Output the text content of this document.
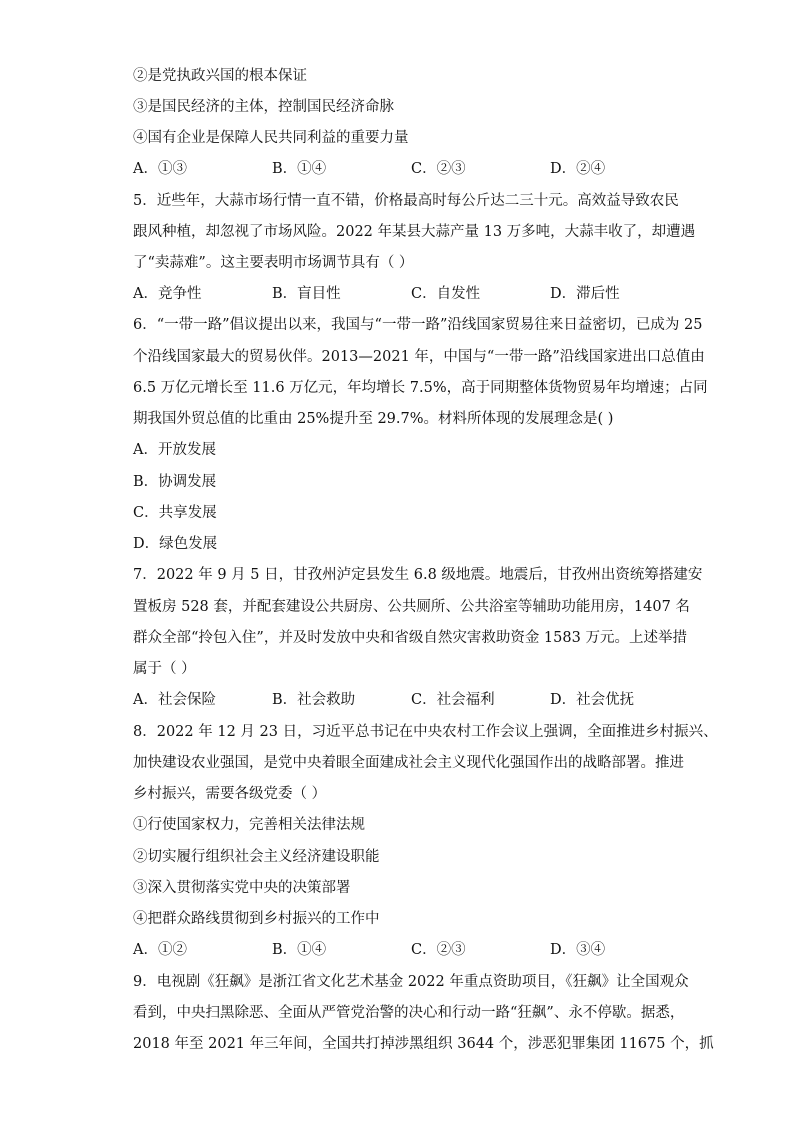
②是党执政兴国的根本保证
③是国民经济的主体，控制国民经济命脉
④国有企业是保障人民共同利益的重要力量
A．①③	B．①④	C．②③	D．②④
5．近些年，大蒜市场行情一直不错，价格最高时每公斤达二三十元。高效益导致农民
跟风种植，却忽视了市场风险。2022 年某县大蒜产量 13 万多吨，大蒜丰收了，却遭遇
了“卖蒜难”。这主要表明市场调节具有（ ）
A．竞争性	B．盲目性	C．自发性	D．滞后性
6．“一带一路”倡议提出以来，我国与“一带一路”沿线国家贸易往来日益密切，已成为 25
个沿线国家最大的贸易伙伴。2013—2021 年，中国与“一带一路”沿线国家进出口总值由
6.5 万亿元增长至 11.6 万亿元，年均增长 7.5%，高于同期整体货物贸易年均增速；占同
期我国外贸总值的比重由 25%提升至 29.7%。材料所体现的发展理念是( )
A．开放发展
B．协调发展
C．共享发展
D．绿色发展
7．2022 年 9 月 5 日，甘孜州泸定县发生 6.8 级地震。地震后，甘孜州出资统筹搭建安
置板房 528 套，并配套建设公共厨房、公共厕所、公共浴室等辅助功能用房，1407 名
群众全部“拎包入住”，并及时发放中央和省级自然灾害救助资金 1583 万元。上述举措
属于（ ）
A．社会保险	B．社会救助	C．社会福利	D．社会优抚
8．2022 年 12 月 23 日，习近平总书记在中央农村工作会议上强调，全面推进乡村振兴、
加快建设农业强国，是党中央着眼全面建成社会主义现代化强国作出的战略部署。推进
乡村振兴，需要各级党委（ ）
①行使国家权力，完善相关法律法规
②切实履行组织社会主义经济建设职能
③深入贯彻落实党中央的决策部署
④把群众路线贯彻到乡村振兴的工作中
A．①②	B．①④	C．②③	D．③④
9．电视剧《狂飙》是浙江省文化艺术基金 2022 年重点资助项目，《狂飙》让全国观众
看到，中央扫黑除恶、全面从严管党治警的决心和行动一路“狂飙”、永不停歇。据悉，
2018 年至 2021 年三年间，全国共打掉涉黑组织 3644 个，涉恶犯罪集团 11675 个，抓
